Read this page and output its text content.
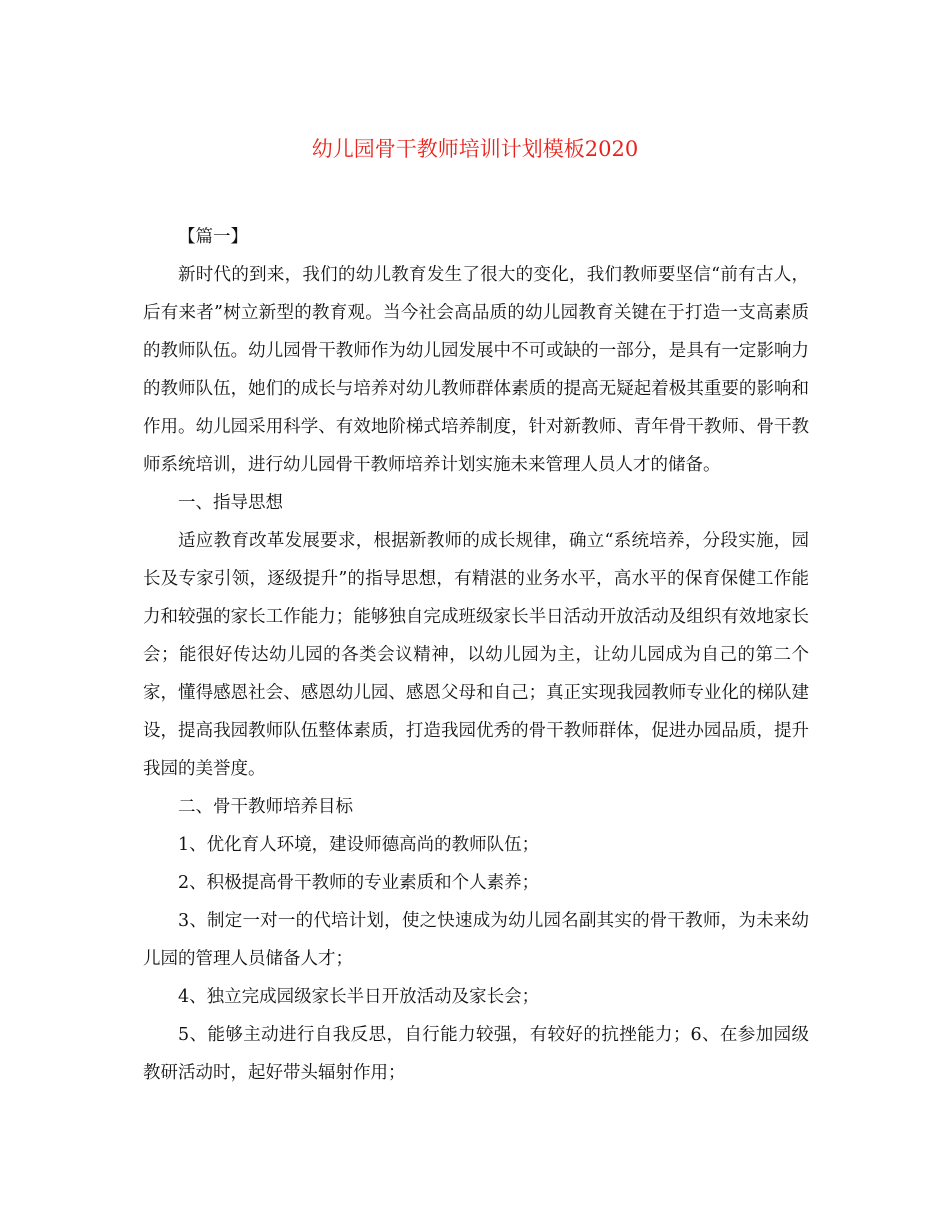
幼儿园骨干教师培训计划模板2020

【篇一】

新时代的到来，我们的幼儿教育发生了很大的变化，我们教师要坚信“前有古人，后有来者”树立新型的教育观。当今社会高品质的幼儿园教育关键在于打造一支高素质的教师队伍。幼儿园骨干教师作为幼儿园发展中不可或缺的一部分，是具有一定影响力的教师队伍，她们的成长与培养对幼儿教师群体素质的提高无疑起着极其重要的影响和作用。幼儿园采用科学、有效地阶梯式培养制度，针对新教师、青年骨干教师、骨干教师系统培训，进行幼儿园骨干教师培养计划实施未来管理人员人才的储备。

一、指导思想

适应教育改革发展要求，根据新教师的成长规律，确立“系统培养，分段实施，园长及专家引领，逐级提升”的指导思想，有精湛的业务水平，高水平的保育保健工作能力和较强的家长工作能力；能够独自完成班级家长半日活动开放活动及组织有效地家长会；能很好传达幼儿园的各类会议精神，以幼儿园为主，让幼儿园成为自己的第二个家，懂得感恩社会、感恩幼儿园、感恩父母和自己；真正实现我园教师专业化的梯队建设，提高我园教师队伍整体素质，打造我园优秀的骨干教师群体，促进办园品质，提升我园的美誉度。

二、骨干教师培养目标

1、优化育人环境，建设师德高尚的教师队伍；

2、积极提高骨干教师的专业素质和个人素养；

3、制定一对一的代培计划，使之快速成为幼儿园名副其实的骨干教师，为未来幼儿园的管理人员储备人才；

4、独立完成园级家长半日开放活动及家长会；

5、能够主动进行自我反思，自行能力较强，有较好的抗挫能力；6、在参加园级教研活动时，起好带头辐射作用；
